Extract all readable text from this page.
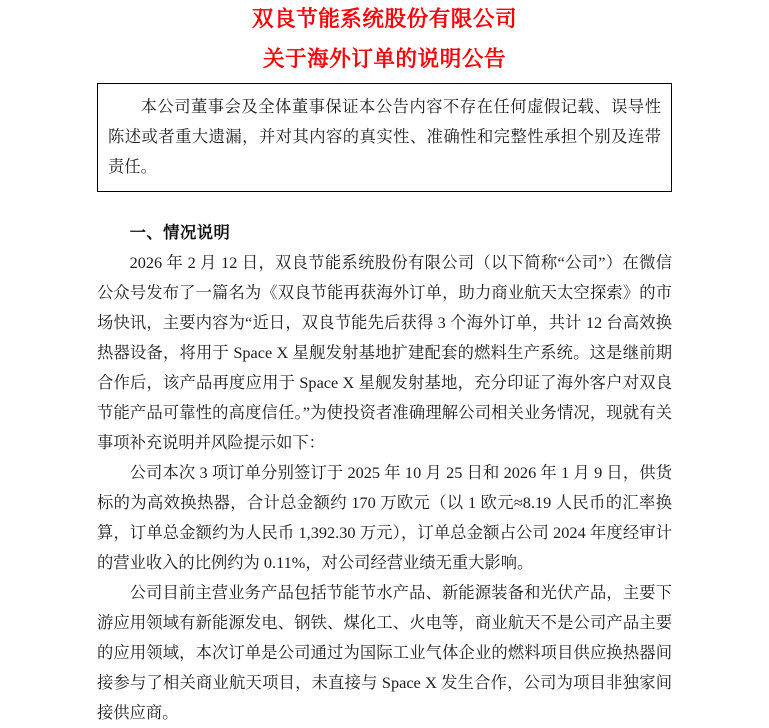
双良节能系统股份有限公司
关于海外订单的说明公告

本公司董事会及全体董事保证本公告内容不存在任何虚假记载、误导性陈述或者重大遗漏，并对其内容的真实性、准确性和完整性承担个别及连带责任。

一、情况说明

2026 年 2 月 12 日，双良节能系统股份有限公司（以下简称“公司”）在微信公众号发布了一篇名为《双良节能再获海外订单，助力商业航天太空探索》的市场快讯，主要内容为“近日，双良节能先后获得 3 个海外订单，共计 12 台高效换热器设备，将用于 Space X 星舰发射基地扩建配套的燃料生产系统。这是继前期合作后，该产品再度应用于 Space X 星舰发射基地，充分印证了海外客户对双良节能产品可靠性的高度信任。”为使投资者准确理解公司相关业务情况，现就有关事项补充说明并风险提示如下：

公司本次 3 项订单分别签订于 2025 年 10 月 25 日和 2026 年 1 月 9 日，供货标的为高效换热器，合计总金额约 170 万欧元（以 1 欧元≈8.19 人民币的汇率换算，订单总金额约为人民币 1,392.30 万元），订单总金额占公司 2024 年度经审计的营业收入的比例约为 0.11%，对公司经营业绩无重大影响。

公司目前主营业务产品包括节能节水产品、新能源装备和光伏产品，主要下游应用领域有新能源发电、钢铁、煤化工、火电等，商业航天不是公司产品主要的应用领域，本次订单是公司通过为国际工业气体企业的燃料项目供应换热器间接参与了相关商业航天项目，未直接与 Space X 发生合作，公司为项目非独家间接供应商。
